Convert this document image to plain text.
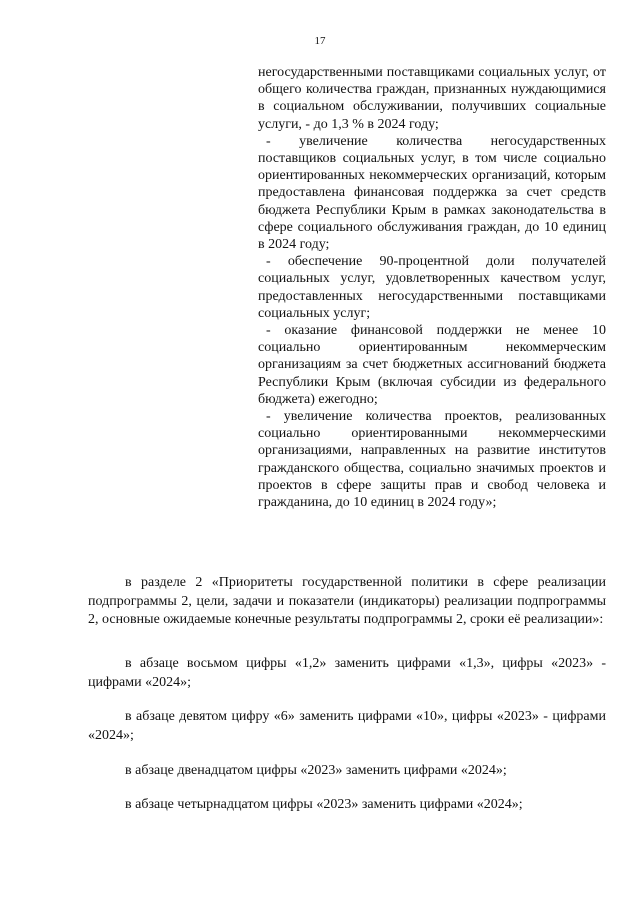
17

негосударственными поставщиками социальных услуг, от общего количества граждан, признанных нуждающимися в социальном обслуживании, получивших социальные услуги, - до 1,3 % в 2024 году;

- увеличение количества негосударственных поставщиков социальных услуг, в том числе социально ориентированных некоммерческих организаций, которым предоставлена финансовая поддержка за счет средств бюджета Республики Крым в рамках законодательства в сфере социального обслуживания граждан, до 10 единиц в 2024 году;

- обеспечение 90-процентной доли получателей социальных услуг, удовлетворенных качеством услуг, предоставленных негосударственными поставщиками социальных услуг;

- оказание финансовой поддержки не менее 10 социально ориентированным некоммерческим организациям за счет бюджетных ассигнований бюджета Республики Крым (включая субсидии из федерального бюджета) ежегодно;

- увеличение количества проектов, реализованных социально ориентированными некоммерческими организациями, направленных на развитие институтов гражданского общества, социально значимых проектов и проектов в сфере защиты прав и свобод человека и гражданина, до 10 единиц в 2024 году»;

в разделе 2 «Приоритеты государственной политики в сфере реализации подпрограммы 2, цели, задачи и показатели (индикаторы) реализации подпрограммы 2, основные ожидаемые конечные результаты подпрограммы 2, сроки её реализации»:

в абзаце восьмом цифры «1,2» заменить цифрами «1,3», цифры «2023» - цифрами «2024»;

в абзаце девятом цифру «6» заменить цифрами «10», цифры «2023» - цифрами «2024»;

в абзаце двенадцатом цифры «2023» заменить цифрами «2024»;

в абзаце четырнадцатом цифры «2023» заменить цифрами «2024»;
